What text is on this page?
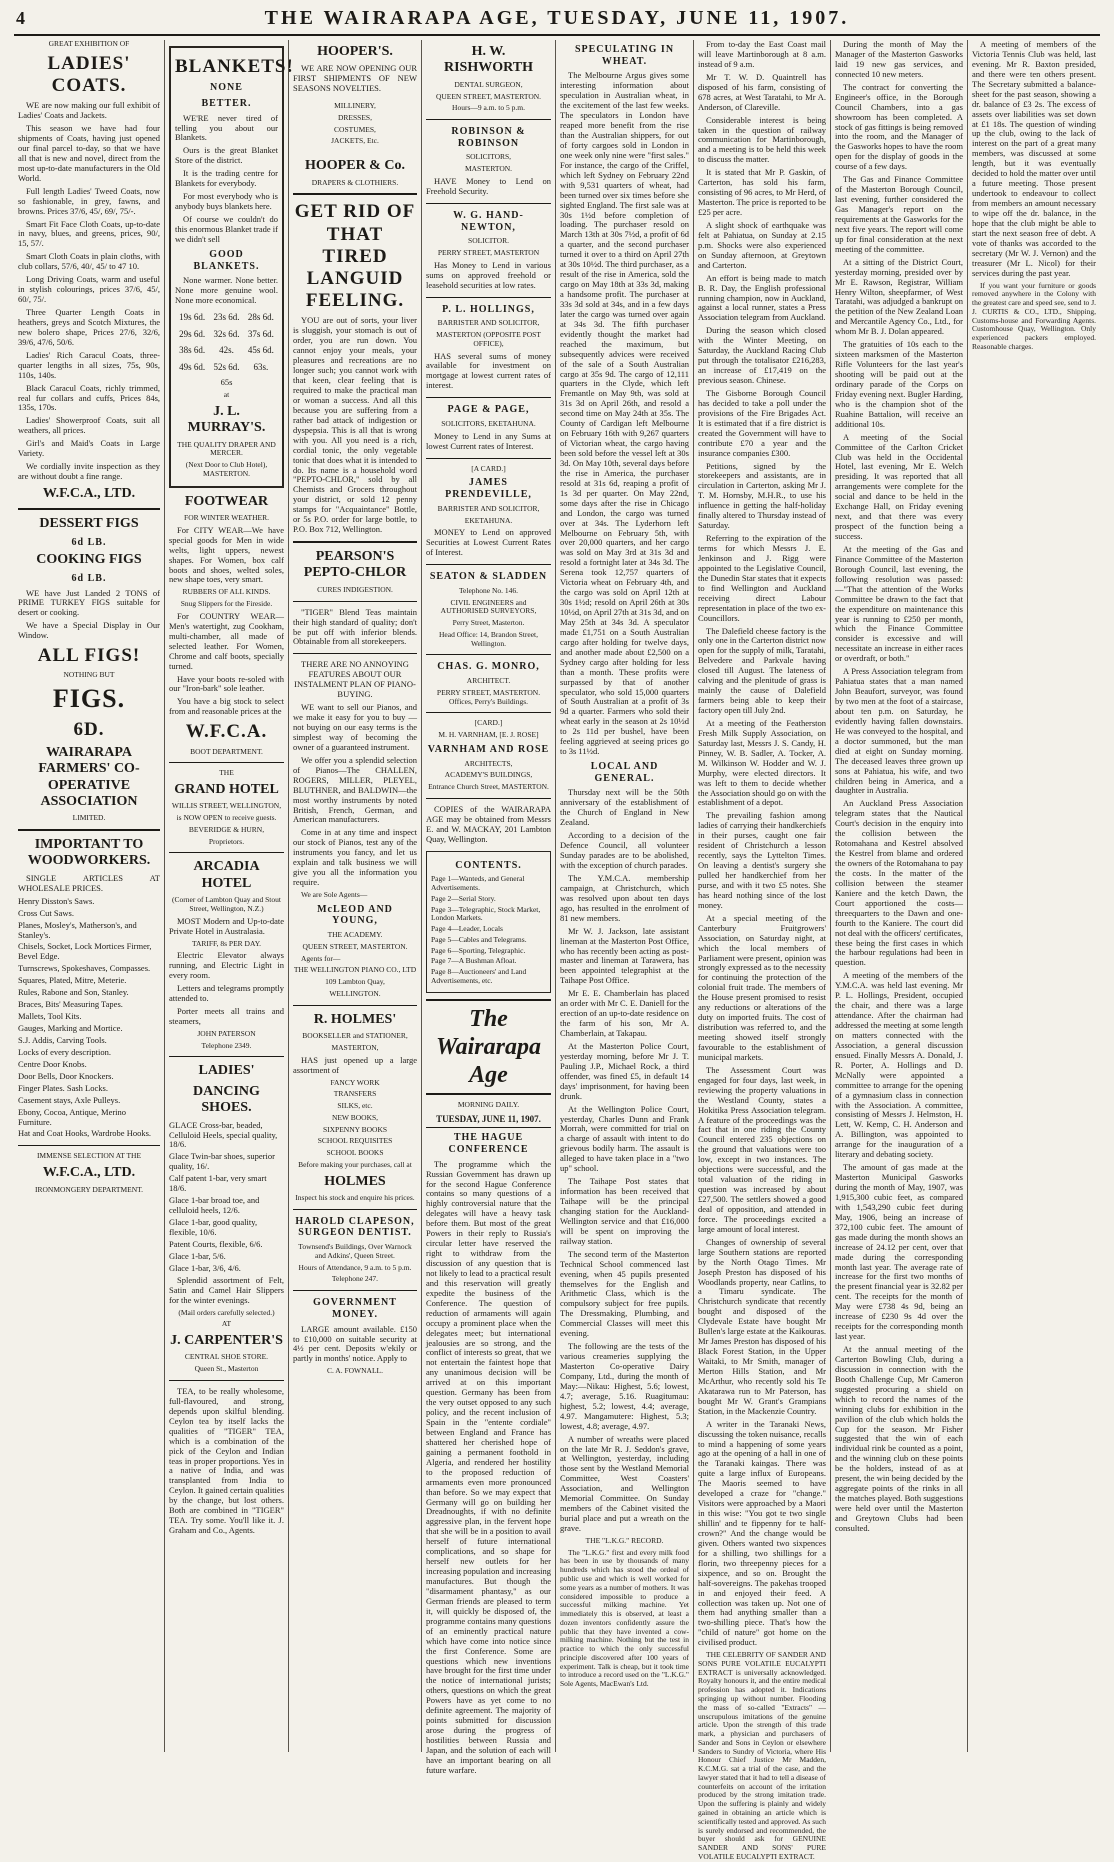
4	THE WAIRARAPA AGE, TUESDAY, JUNE 11, 1907.

GREAT EXHIBITION OF

LADIES' COATS.

WE are now making our full exhibit of Ladies' Coats and Jackets.

This season we have had four shipments of Coats, having just opened our final parcel to-day, so that we have all that is new and novel, direct from the most up-to-date manufacturers in the Old World.

Full length Ladies' Tweed Coats, now so fashionable, in grey, fawns, and browns. Prices 37/6, 45/, 69/, 75/-.

Smart Fit Face Cloth Coats, up-to-date in navy, blues, and greens, prices, 90/, 15, 57/.

Smart Cloth Coats in plain cloths, with club collars, 57/6, 40/, 45/ to 47 10.

Long Driving Coats, warm and useful in stylish colourings, prices 37/6, 45/, 60/, 75/.

Three Quarter Length Coats in heathers, greys and Scotch Mixtures, the new bolero shape, Prices 27/6, 32/6, 39/6, 47/6, 50/6.

Ladies' Rich Caracul Coats, three-quarter lengths in all sizes, 75s, 90s, 110s, 140s.

Black Caracul Coats, richly trimmed, real fur collars and cuffs, Prices 84s, 135s, 170s.

Ladies' Showerproof Coats, suit all weathers, all prices.

Girl's and Maid's Coats in Large Variety.

We cordially invite inspection as they are without doubt a fine range.

W.F.C.A., LTD.
DESSERT FIGS
6d LB.
COOKING FIGS
6d LB.

WE have Just Landed 2 TONS of PRIME TURKEY FIGS suitable for desert or cooking.

We have a Special Display in Our Window.

ALL FIGS!

NOTHING BUT

FIGS.
6D.
WAIRARAPA FARMERS' CO-OPERATIVE ASSOCIATION

LIMITED.

IMPORTANT TO WOODWORKERS.

SINGLE ARTICLES AT WHOLESALE PRICES.

Henry Disston's Saws.

Cross Cut Saws.

Planes, Mosley's, Matherson's, and Stanley's.

Chisels, Socket, Lock Mortices Firmer, Bevel Edge.

Turnscrews, Spokeshaves, Compasses.

Squares, Plated, Mitre, Meterie.

Rules, Rabone and Son, Stanley.

Braces, Bits' Measuring Tapes.

Mallets, Tool Kits.

Gauges, Marking and Mortice.

S.J. Addis, Carving Tools.

Locks of every description.

Centre Door Knobs.

Door Bells, Door Knockers.

Finger Plates. Sash Locks.

Casement stays, Axle Pulleys.

Ebony, Cocoa, Antique, Merino Furniture.

Hat and Coat Hooks, Wardrobe Hooks.

IMMENSE SELECTION AT THE

W.F.C.A., LTD.

IRONMONGERY DEPARTMENT.

BLANKETS!
NONE
BETTER.

WE'RE never tired of telling you about our Blankets.

Ours is the great Blanket Store of the district.

It is the trading centre for Blankets for everybody.

For most everybody who is anybody buys blankets here.

Of course we couldn't do this enormous Blanket trade if we didn't sell

GOOD BLANKETS.

None warmer. None better. None more genuine wool. None more economical.

19s 6d. 23s 6d. 28s 6d.
29s 6d. 32s 6d. 37s 6d.
38s 6d.	42s.	45s 6d.
49s 6d. 52s 6d.	63s.

65s

at

J. L. MURRAY'S.

THE QUALITY DRAPER AND MERCER.

(Next Door to Club Hotel), MASTERTON.

FOOTWEAR

FOR WINTER WEATHER.

For CITY WEAR—We have special goods for Men in wide welts, light uppers, newest shapes. For Women, box calf boots and shoes, welted soles, new shape toes, very smart.

RUBBERS OF ALL KINDS.

Snug Slippers for the Fireside.

For COUNTRY WEAR—Men's watertight, zug Cookham, multi-chamber, all made of selected leather. For Women, Chrome and calf boots, specially turned.

Have your boots re-soled with our "Iron-bark" sole leather.

You have a big stock to select from and reasonable prices at the

W.F.C.A.

BOOT DEPARTMENT.

THE

GRAND HOTEL

WILLIS STREET, WELLINGTON,

is NOW OPEN to receive guests.

BEVERIDGE & HURN,

Proprietors.

ARCADIA HOTEL

(Corner of Lambton Quay and Stout Street, Wellington, N.Z.)

MOST Modern and Up-to-date Private Hotel in Australasia.

TARIFF, 8s PER DAY.

Electric Elevator always running, and Electric Light in every room.

Letters and telegrams promptly attended to.

Porter meets all trains and steamers,

JOHN PATERSON

Telephone 2349.

LADIES'
DANCING SHOES.

GLACE Cross-bar, beaded, Celluloid Heels, special quality, 18/6.

Glace Twin-bar shoes, superior quality, 16/.

Calf patent 1-bar, very smart 18/6.

Glace 1-bar broad toe, and celluloid heels, 12/6.

Glace 1-bar, good quality, flexible, 10/6.

Patent Courts, flexible, 6/6.

Glace 1-bar, 5/6.

Glace 1-bar, 3/6, 4/6.

Splendid assortment of Felt, Satin and Camel Hair Slippers for the winter evenings.

(Mail orders carefully selected.)

AT

J. CARPENTER'S

CENTRAL SHOE STORE.

Queen St., Masterton

TEA, to be really wholesome, full-flavoured, and strong, depends upon skilful blending. Ceylon tea by itself lacks the qualities of "TIGER" TEA, which is a combination of the pick of the Ceylon and Indian teas in proper proportions. Yes in a native of India, and was transplanted from India to Ceylon. It gained certain qualities by the change, but lost others. Both are combined in "TIGER" TEA. Try some. You'll like it. J. Graham and Co., Agents.

HOOPER'S.

WE ARE NOW OPENING OUR FIRST SHIPMENTS OF NEW SEASONS NOVELTIES.

MILLINERY,

DRESSES,

COSTUMES,

JACKETS, Etc.

HOOPER & Co.

DRAPERS & CLOTHIERS.

GET RID OF THAT TIRED LANGUID FEELING.

YOU are out of sorts, your liver is sluggish, your stomach is out of order, you are run down. You cannot enjoy your meals, your pleasures and recreations are no longer such; you cannot work with that keen, clear feeling that is required to make the practical man or woman a success. And all this because you are suffering from a rather bad attack of indigestion or dyspepsia. This is all that is wrong with you. All you need is a rich, cordial tonic, the only vegetable tonic that does what it is intended to do. Its name is a household word "PEPTO-CHLOR," sold by all Chemists and Grocers throughout your district, or sold 12 penny stamps for "Acquaintance" Bottle, or 5s P.O. order for large bottle, to P.O. Box 712, Wellington.

PEARSON'S PEPTO-CHLOR

CURES INDIGESTION.

"TIGER" Blend Teas maintain their high standard of quality; don't be put off with inferior blends. Obtainable from all storekeepers.

THERE ARE NO ANNOYING FEATURES ABOUT OUR INSTALMENT PLAN OF PIANO-BUYING.

WE want to sell our Pianos, and we make it easy for you to buy — not buying on our easy terms is the simplest way of becoming the owner of a guaranteed instrument.

We offer you a splendid selection of Pianos—The CHALLEN, ROGERS, MILLER, PLEYEL, BLUTHNER, and BALDWIN—the most worthy instruments by noted British, French, German, and American manufacturers.

Come in at any time and inspect our stock of Pianos, test any of the instruments you fancy, and let us explain and talk business we will give you all the information you require.

We are Sole Agents—

McLEOD AND YOUNG,

THE ACADEMY.

QUEEN STREET, MASTERTON.

Agents for—

THE WELLINGTON PIANO CO., LTD

109 Lambton Quay,

WELLINGTON.

R. HOLMES'

BOOKSELLER and STATIONER,

MASTERTON,

HAS just opened up a large assortment of

FANCY WORK

TRANSFERS

SILKS, etc.

NEW BOOKS,

SIXPENNY BOOKS

SCHOOL REQUISITES

SCHOOL BOOKS

Before making your purchases, call at

HOLMES

Inspect his stock and enquire his prices.

HAROLD CLAPESON, SURGEON DENTIST.

Townsend's Buildings, Over Warnock and Adkins', Queen Street.

Hours of Attendance, 9 a.m. to 5 p.m.

Telephone 247.

GOVERNMENT MONEY.

LARGE amount available. £150 to £10,000 on suitable security at 4½ per cent. Deposits w'ekily or partly in months' notice. Apply to

C. A. FOWNALL.

H. W. RISHWORTH

DENTAL SURGEON,

QUEEN STREET, MASTERTON.

Hours—9 a.m. to 5 p.m.

ROBINSON & ROBINSON

SOLICITORS,

MASTERTON.

HAVE Money to Lend on Freehold Security.

W. G. HAND-NEWTON,

SOLICITOR.

PERRY STREET, MASTERTON

Has Money to Lend in various sums on approved freehold or leasehold securities at low rates.

P. L. HOLLINGS,

BARRISTER AND SOLICITOR,

MASTERTON (OPPOSITE POST OFFICE),

HAS several sums of money available for investment on mortgage at lowest current rates of interest.

PAGE & PAGE,

SOLICITORS, EKETAHUNA.

Money to Lend in any Sums at lowest Current rates of Interest.

[A CARD.]

JAMES PRENDEVILLE,

BARRISTER AND SOLICITOR,

EKETAHUNA.

MONEY to Lend on approved Securities at Lowest Current Rates of Interest.

SEATON & SLADDEN

Telephone No. 146.

CIVIL ENGINEERS and AUTHORISED SURVEYORS,

Perry Street, Masterton.

Head Office: 14, Brandon Street, Wellington.

CHAS. G. MONRO,

ARCHITECT.

PERRY STREET, MASTERTON. Offices, Perry's Buildings.

[CARD.]

M. H. VARNHAM, [E. J. ROSE]

VARNHAM AND ROSE

ARCHITECTS,

ACADEMY'S BUILDINGS,

Entrance Church Street, MASTERTON.

COPIES of the WAIRARAPA AGE may be obtained from Messrs E. and W. MACKAY, 201 Lambton Quay, Wellington.

CONTENTS.

Page 1—Wanteds, and General Advertisements.

Page 2—Serial Story.

Page 3—Telegraphic, Stock Market, London Markets.

Page 4—Leader, Locals

Page 5—Cables and Telegrams.

Page 6—Sporting, Telegraphic.

Page 7—A Bushman Afloat.

Page 8—Auctioneers' and Land Advertisements, etc.

The Wairarapa Age

MORNING DAILY.

TUESDAY, JUNE 11, 1907.
THE HAGUE CONFERENCE

The programme which the Russian Government has drawn up for the second Hague Conference contains so many questions of a highly controversial nature that the delegates will have a heavy task before them. But most of the great Powers in their reply to Russia's circular letter have reserved the right to withdraw from the discussion of any question that is not likely to lead to a practical result and this reservation will greatly expedite the business of the Conference. The question of reduction of armaments will again occupy a prominent place when the delegates meet; but international jealousies are so strong, and the conflict of interests so great, that we not entertain the faintest hope that any unanimous decision will be arrived at on this important question. Germany has been from the very outset opposed to any such policy, and the recent inclusion of Spain in the "entente cordiale" between England and France has shattered her cherished hope of gaining a permanent foothold in Algeria, and rendered her hostility to the proposed reduction of armaments even more pronounced than before. So we may expect that Germany will go on building her Dreadnoughts, if with no definite aggressive plan, in the fervent hope that she will be in a position to avail herself of future international complications, and so shape for herself new outlets for her increasing population and increasing manufactures. But though the "disarmament phantasy," as our German friends are pleased to term it, will quickly be disposed of, the programme contains many questions of an eminently practical nature which have come into notice since the first Conference. Some are questions which new inventions have brought for the first time under the notice of international jurists; others, questions on which the great Powers have as yet come to no definite agreement. The majority of points submitted for discussion arose during the progress of hostilities between Russia and Japan, and the solution of each will have an important bearing on all future warfare.

SPECULATING IN WHEAT.

The Melbourne Argus gives some interesting information about speculation in Australian wheat, in the excitement of the last few weeks. The speculators in London have reaped more benefit from the rise than the Australian shippers, for out of forty cargoes sold in London in one week only nine were "first sales." For instance, the cargo of the Criffel, which left Sydney on February 22nd with 9,531 quarters of wheat, had been turned over six times before she sighted England. The first sale was at 30s 1½d before completion of loading. The purchaser resold on March 13th at 30s 7½d, a profit of 6d a quarter, and the second purchaser turned it over to a third on April 27th at 30s 10½d. The third purchaser, as a result of the rise in America, sold the cargo on May 18th at 33s 3d, making a handsome profit. The purchaser at 33s 3d sold at 34s, and in a few days later the cargo was turned over again at 34s 3d. The fifth purchaser evidently thought the market had reached the maximum, but subsequently advices were received of the sale of a South Australian cargo at 35s 9d. The cargo of 12,111 quarters in the Clyde, which left Fremantle on May 9th, was sold at 31s 3d on April 26th, and resold a second time on May 24th at 35s. The County of Cardigan left Melbourne on February 16th with 9,267 quarters of Victorian wheat, the cargo having been sold before the vessel left at 30s 3d. On May 10th, several days before the rise in America, the purchaser resold at 31s 6d, reaping a profit of 1s 3d per quarter. On May 22nd, some days after the rise in Chicago and London, the cargo was turned over at 34s. The Lyderhorn left Melbourne on February 5th, with over 20,000 quarters, and her cargo was sold on May 3rd at 31s 3d and resold a fortnight later at 34s 3d. The Serena took 12,757 quarters of Victoria wheat on February 4th, and the cargo was sold on April 12th at 30s 1½d; resold on April 26th at 30s 10½d, on April 27th at 31s 3d, and on May 25th at 34s 3d. A speculator made £1,751 on a South Australian cargo after holding for twelve days, and another made about £2,500 on a Sydney cargo after holding for less than a month. These profits were surpassed by that of another speculator, who sold 15,000 quarters of South Australian at a profit of 3s 9d a quarter. Farmers who sold their wheat early in the season at 2s 10½d to 2s 11d per bushel, have been feeling aggrieved at seeing prices go to 3s 11½d.

LOCAL AND GENERAL.

Thursday next will be the 50th anniversary of the establishment of the Church of England in New Zealand.

According to a decision of the Defence Council, all volunteer Sunday parades are to be abolished, with the exception of church parades.

The Y.M.C.A. membership campaign, at Christchurch, which was resolved upon about ten days ago, has resulted in the enrolment of 81 new members.

Mr W. J. Jackson, late assistant lineman at the Masterton Post Office, who has recently been acting as post-master and lineman at Tarawera, has been appointed telegraphist at the Taihape Post Office.

Mr E. E. Chamberlain has placed an order with Mr C. E. Daniell for the erection of an up-to-date residence on the farm of his son, Mr A. Chamberlain, at Takapau.

At the Masterton Police Court, yesterday morning, before Mr J. T. Pauling J.P., Michael Rock, a third offender, was fined £5, in default 14 days' imprisonment, for having been drunk.

At the Wellington Police Court, yesterday, Charles Dunn and Frank Morrah, were committed for trial on a charge of assault with intent to do grievous bodily harm. The assault is alleged to have taken place in a "two up" school.

The Taihape Post states that information has been received that Taihape will be the principal changing station for the Auckland-Wellington service and that £16,000 will be spent on improving the railway station.

The second term of the Masterton Technical School commenced last evening, when 45 pupils presented themselves for the English and Arithmetic Class, which is the compulsory subject for free pupils. The Dressmaking, Plumbing, and Commercial Classes will meet this evening.

The following are the tests of the various creameries supplying the Masterton Co-operative Dairy Company, Ltd., during the month of May:—Nikau: Highest, 5.6; lowest, 4.7; average, 5.16. Ruagitumau: highest, 5.2; lowest, 4.4; average, 4.97. Mangamutere: Highest, 5.3; lowest, 4.8; average, 4.97.

A number of wreaths were placed on the late Mr R. J. Seddon's grave, at Wellington, yesterday, including those sent by the Westland Memorial Committee, West Coasters' Association, and Wellington Memorial Committee. On Sunday members of the Cabinet visited the burial place and put a wreath on the grave.

THE "L.K.G." RECORD.

The "L.K.G." first and every milk food has been in use by thousands of many hundreds which has stood the ordeal of public use and which is well worked for some years as a number of mothers. It was considered impossible to produce a successful milking machine. Yet immediately this is observed, at least a dozen inventors confidently assure the public that they have invented a cow-milking machine. Nothing but the test in practice to which the only successful principle discovered after 100 years of experiment. Talk is cheap, but it took time to introduce a record used on the "L.K.G." Sole Agents, MacEwan's Ltd.

From to-day the East Coast mail will leave Martinborough at 8 a.m. instead of 9 a.m.

Mr T. W. D. Quaintrell has disposed of his farm, consisting of 678 acres, at West Taratahi, to Mr A. Anderson, of Clareville.

Considerable interest is being taken in the question of railway communication for Martinborough, and a meeting is to be held this week to discuss the matter.

It is stated that Mr P. Gaskin, of Carterton, has sold his farm, consisting of 96 acres, to Mr Herd, of Masterton. The price is reported to be £25 per acre.

A slight shock of earthquake was felt at Pahiatua, on Sunday at 2.15 p.m. Shocks were also experienced on Sunday afternoon, at Greytown and Carterton.

An effort is being made to match B. R. Day, the English professional running champion, now in Auckland, against a local runner, states a Press Association telegram from Auckland.

During the season which closed with the Winter Meeting, on Saturday, the Auckland Racing Club put through the totalisator £216,283, an increase of £17,419 on the previous season. Chinese.

The Gisborne Borough Council has decided to take a poll under the provisions of the Fire Brigades Act. It is estimated that if a fire district is created the Government will have to contribute £70 a year and the insurance companies £300.

Petitions, signed by the storekeepers and assistants, are in circulation in Carterton, asking Mr J. T. M. Hornsby, M.H.R., to use his influence in getting the half-holiday finally altered to Thursday instead of Saturday.

Referring to the expiration of the terms for which Messrs J. E. Jenkinson and J. Rigg were appointed to the Legislative Council, the Dunedin Star states that it expects to find Wellington and Auckland receiving direct Labour representation in place of the two ex-Councillors.

The Dalefield cheese factory is the only one in the Carterton district now open for the supply of milk, Taratahi, Belvedere and Parkvale having closed till August. The lateness of calving and the plenitude of grass is mainly the cause of Dalefield farmers being able to keep their factory open till July 2nd.

At a meeting of the Featherston Fresh Milk Supply Association, on Saturday last, Messrs J. S. Candy, H. Pinney, W. B. Sadler, A. Tocker, A. M. Wilkinson W. Hodder and W. J. Murphy, were elected directors. It was left to them to decide whether the Association should go on with the establishment of a depot.

The prevailing fashion among ladies of carrying their handkerchiefs in their purses, caught one fair resident of Christchurch a lesson recently, says the Lyttelton Times. On leaving a dentist's surgery she pulled her handkerchief from her purse, and with it two £5 notes. She has heard nothing since of the lost money.

At a special meeting of the Canterbury Fruitgrowers' Association, on Saturday night, at which the local members of Parliament were present, opinion was strongly expressed as to the necessity for continuing the protection of the colonial fruit trade. The members of the House present promised to resist any reductions or alterations of the duty on imported fruits. The cost of distribution was referred to, and the meeting showed itself strongly favourable to the establishment of municipal markets.

The Assessment Court was engaged for four days, last week, in reviewing the property valuations in the Westland County, states a Hokitika Press Association telegram. A feature of the proceedings was the fact that in one riding the County Council entered 235 objections on the ground that valuations were too low, except in two instances. The objections were successful, and the total valuation of the riding in question was increased by about £27,500. The settlers showed a good deal of opposition, and attended in force. The proceedings excited a large amount of local interest.

Changes of ownership of several large Southern stations are reported by the North Otago Times. Mr Joseph Preston has disposed of his Woodlands property, near Catlins, to a Timaru syndicate. The Christchurch syndicate that recently bought and disposed of the Clydevale Estate have bought Mr Bullen's large estate at the Kaikouras. Mr James Preston has disposed of his Black Forest Station, in the Upper Waitaki, to Mr Smith, manager of Merton Hills Station, and Mr McArthur, who recently sold his Te Akatarawa run to Mr Paterson, has bought Mr W. Grant's Grampians Station, in the Mackenzie Country.

A writer in the Taranaki News, discussing the token nuisance, recalls to mind a happening of some years ago at the opening of a hall in one of the Taranaki kaingas. There was quite a large influx of Europeans. The Maoris seemed to have developed a craze for "change." Visitors were approached by a Maori in this wise: "You got te two single shillin' and te fippenny for te half-crown?" And the change would be given. Others wanted two sixpences for a shilling, two shillings for a florin, two threepenny pieces for a sixpence, and so on. Brought the half-sovereigns. The pakehas trooped in and enjoyed their feed. A collection was taken up. Not one of them had anything smaller than a two-shilling piece. That's how the "child of nature" got home on the civilised product.

THE CELEBRITY OF SANDER AND SONS PURE VOLATILE EUCALYPTI EXTRACT is universally acknowledged. Royalty honours it, and the entire medical profession has adopted it. Indications springing up without number. Flooding the mass of so-called "Extracts" — unscrupulous imitations of the genuine article. Upon the strength of this trade mark, a physician and purchasers of Sander and Sons in Ceylon or elsewhere Sanders to Sundry of Victoria, where His Honour Chief Justice Mr Madden, K.C.M.G. sat a trial of the case, and the lawyer stated that it had to tell a disease of counterfeits on account of the irritation produced by the strong imitation trade. Upon the suffering is plainly and widely gained in obtaining an article which is scientifically tested and approved. As such is surely endorsed and recommended, the buyer should ask for GENUINE SANDER AND SONS' PURE VOLATILE EUCALYPTI EXTRACT.

During the month of May the Manager of the Masterton Gasworks laid 19 new gas services, and connected 10 new meters.

The contract for converting the Engineer's office, in the Borough Council Chambers, into a gas showroom has been completed. A stock of gas fittings is being removed into the room, and the Manager of the Gasworks hopes to have the room open for the display of goods in the course of a few days.

The Gas and Finance Committee of the Masterton Borough Council, last evening, further considered the Gas Manager's report on the requirements at the Gasworks for the next five years. The report will come up for final consideration at the next meeting of the committee.

At a sitting of the District Court, yesterday morning, presided over by Mr E. Rawson, Registrar, William Henry Wilton, sheepfarmer, of West Taratahi, was adjudged a bankrupt on the petition of the New Zealand Loan and Mercantile Agency Co., Ltd., for whom Mr B. J. Dolan appeared.

The gratuities of 10s each to the sixteen marksmen of the Masterton Rifle Volunteers for the last year's shooting will be paid out at the ordinary parade of the Corps on Friday evening next. Bugler Harding, who is the champion shot of the Ruahine Battalion, will receive an additional 10s.

A meeting of the Social Committee of the Carlton Cricket Club was held in the Occidental Hotel, last evening, Mr E. Welch presiding. It was reported that all arrangements were complete for the social and dance to be held in the Exchange Hall, on Friday evening next, and that there was every prospect of the function being a success.

At the meeting of the Gas and Finance Committee of the Masterton Borough Council, last evening, the following resolution was passed:—"That the attention of the Works Committee be drawn to the fact that the expenditure on maintenance this year is running to £250 per month, which the Finance Committee consider is excessive and will necessitate an increase in either races or overdraft, or both."

A Press Association telegram from Pahiatua states that a man named John Beaufort, surveyor, was found by two men at the foot of a staircase, about ten p.m. on Saturday, he evidently having fallen downstairs. He was conveyed to the hospital, and a doctor summoned, but the man died at eight on Sunday morning. The deceased leaves three grown up sons at Pahiatua, his wife, and two children being in America, and a daughter in Australia.

An Auckland Press Association telegram states that the Nautical Court's decision in the enquiry into the collision between the Rotomahana and Kestrel absolved the Kestrel from blame and ordered the owners of the Rotomahana to pay the costs. In the matter of the collision between the steamer Kaniere and the ketch Dawn, the Court apportioned the costs—threequarters to the Dawn and one-fourth to the Kaniere. The court did not deal with the officers' certificates, these being the first cases in which the harbour regulations had been in question.

A meeting of the members of the Y.M.C.A. was held last evening. Mr P. L. Hollings, President, occupied the chair, and there was a large attendance. After the chairman had addressed the meeting at some length on matters connected with the Association, a general discussion ensued. Finally Messrs A. Donald, J. R. Porter, A. Hollings and D. McNally were appointed a committee to arrange for the opening of a gymnasium class in connection with the Association. A committee, consisting of Messrs J. Helmston, H. Lett, W. Kemp, C. H. Anderson and A. Billington, was appointed to arrange for the inauguration of a literary and debating society.

The amount of gas made at the Masterton Municipal Gasworks during the month of May, 1907, was 1,915,300 cubic feet, as compared with 1,543,290 cubic feet during May, 1906, being an increase of 372,100 cubic feet. The amount of gas made during the month shows an increase of 24.12 per cent, over that made during the corresponding month last year. The average rate of increase for the first two months of the present financial year is 32.82 per cent. The receipts for the month of May were £738 4s 9d, being an increase of £230 9s 4d over the receipts for the corresponding month last year.

At the annual meeting of the Carterton Bowling Club, during a discussion in connection with the Booth Challenge Cup, Mr Cameron suggested procuring a shield on which to record the names of the winning clubs for exhibition in the pavilion of the club which holds the Cup for the season. Mr Fisher suggested that the win of each individual rink be counted as a point, and the winning club on these points be the holders, instead of as at present, the win being decided by the aggregate points of the rinks in all the matches played. Both suggestions were held over until the Masterton and Greytown Clubs had been consulted.

A meeting of members of the Victoria Tennis Club was held, last evening. Mr R. Baxton presided, and there were ten others present. The Secretary submitted a balance-sheet for the past season, showing a dr. balance of £3 2s. The excess of assets over liabilities was set down at £1 18s. The question of winding up the club, owing to the lack of interest on the part of a great many members, was discussed at some length, but it was eventually decided to hold the matter over until a future meeting. Those present undertook to endeavour to collect from members an amount necessary to wipe off the dr. balance, in the hope that the club might be able to start the next season free of debt. A vote of thanks was accorded to the secretary (Mr W. J. Vernon) and the treasurer (Mr L. Nicol) for their services during the past year.

If you want your furniture or goods removed anywhere in the Colony with the greatest care and speed see, send to J. J. CURTIS & CO., LTD., Shipping, Customs-house and Forwarding Agents. Customhouse Quay, Wellington. Only experienced packers employed. Reasonable charges.
